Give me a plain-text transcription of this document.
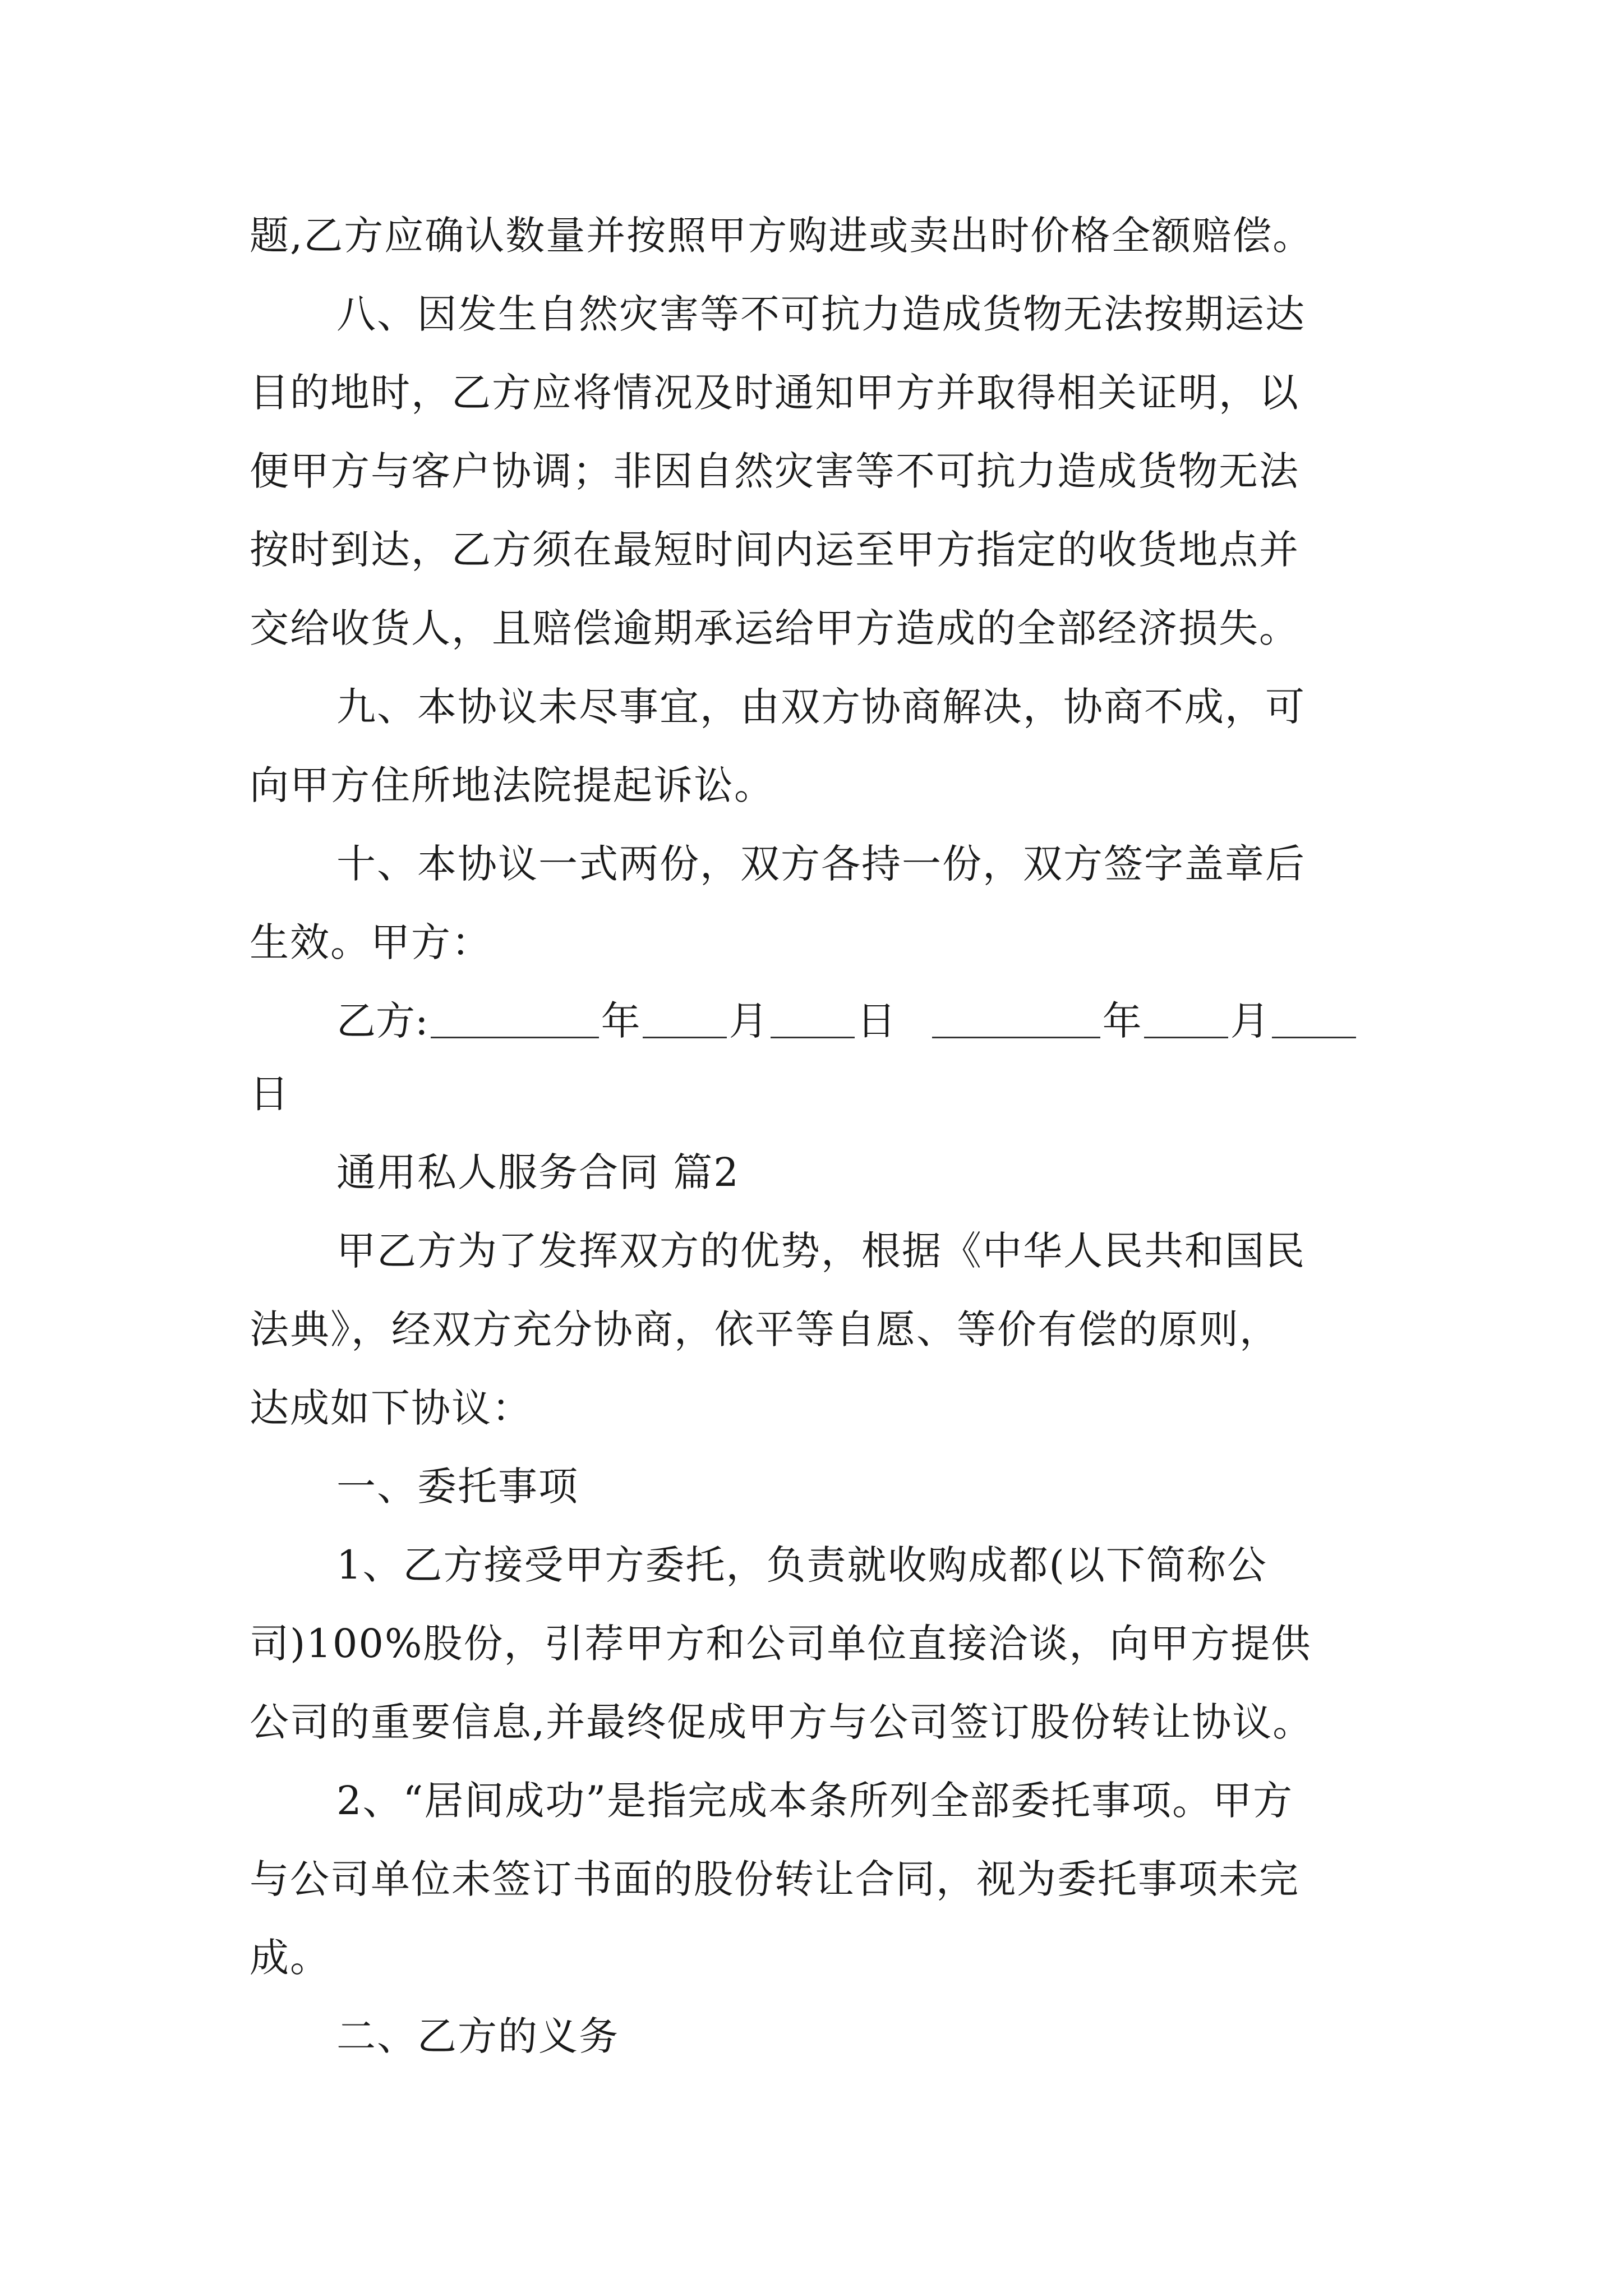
题,乙方应确认数量并按照甲方购进或卖出时价格全额赔偿。
八、因发生自然灾害等不可抗力造成货物无法按期运达
目的地时，乙方应将情况及时通知甲方并取得相关证明，以
便甲方与客户协调；非因自然灾害等不可抗力造成货物无法
按时到达，乙方须在最短时间内运至甲方指定的收货地点并
交给收货人，且赔偿逾期承运给甲方造成的全部经济损失。
九、本协议未尽事宜，由双方协商解决，协商不成，可
向甲方住所地法院提起诉讼。
十、本协议一式两份，双方各持一份，双方签字盖章后
生效。甲方：
乙方:	年 月 日	年 月
日
通用私人服务合同 篇2
甲乙方为了发挥双方的优势，根据《中华人民共和国民
法典》，经双方充分协商，依平等自愿、等价有偿的原则，
达成如下协议：
一、委托事项
1、乙方接受甲方委托，负责就收购成都(以下简称公
司)100%股份，引荐甲方和公司单位直接洽谈，向甲方提供
公司的重要信息,并最终促成甲方与公司签订股份转让协议。
2、“居间成功”是指完成本条所列全部委托事项。甲方
与公司单位未签订书面的股份转让合同，视为委托事项未完
成。
二、乙方的义务
